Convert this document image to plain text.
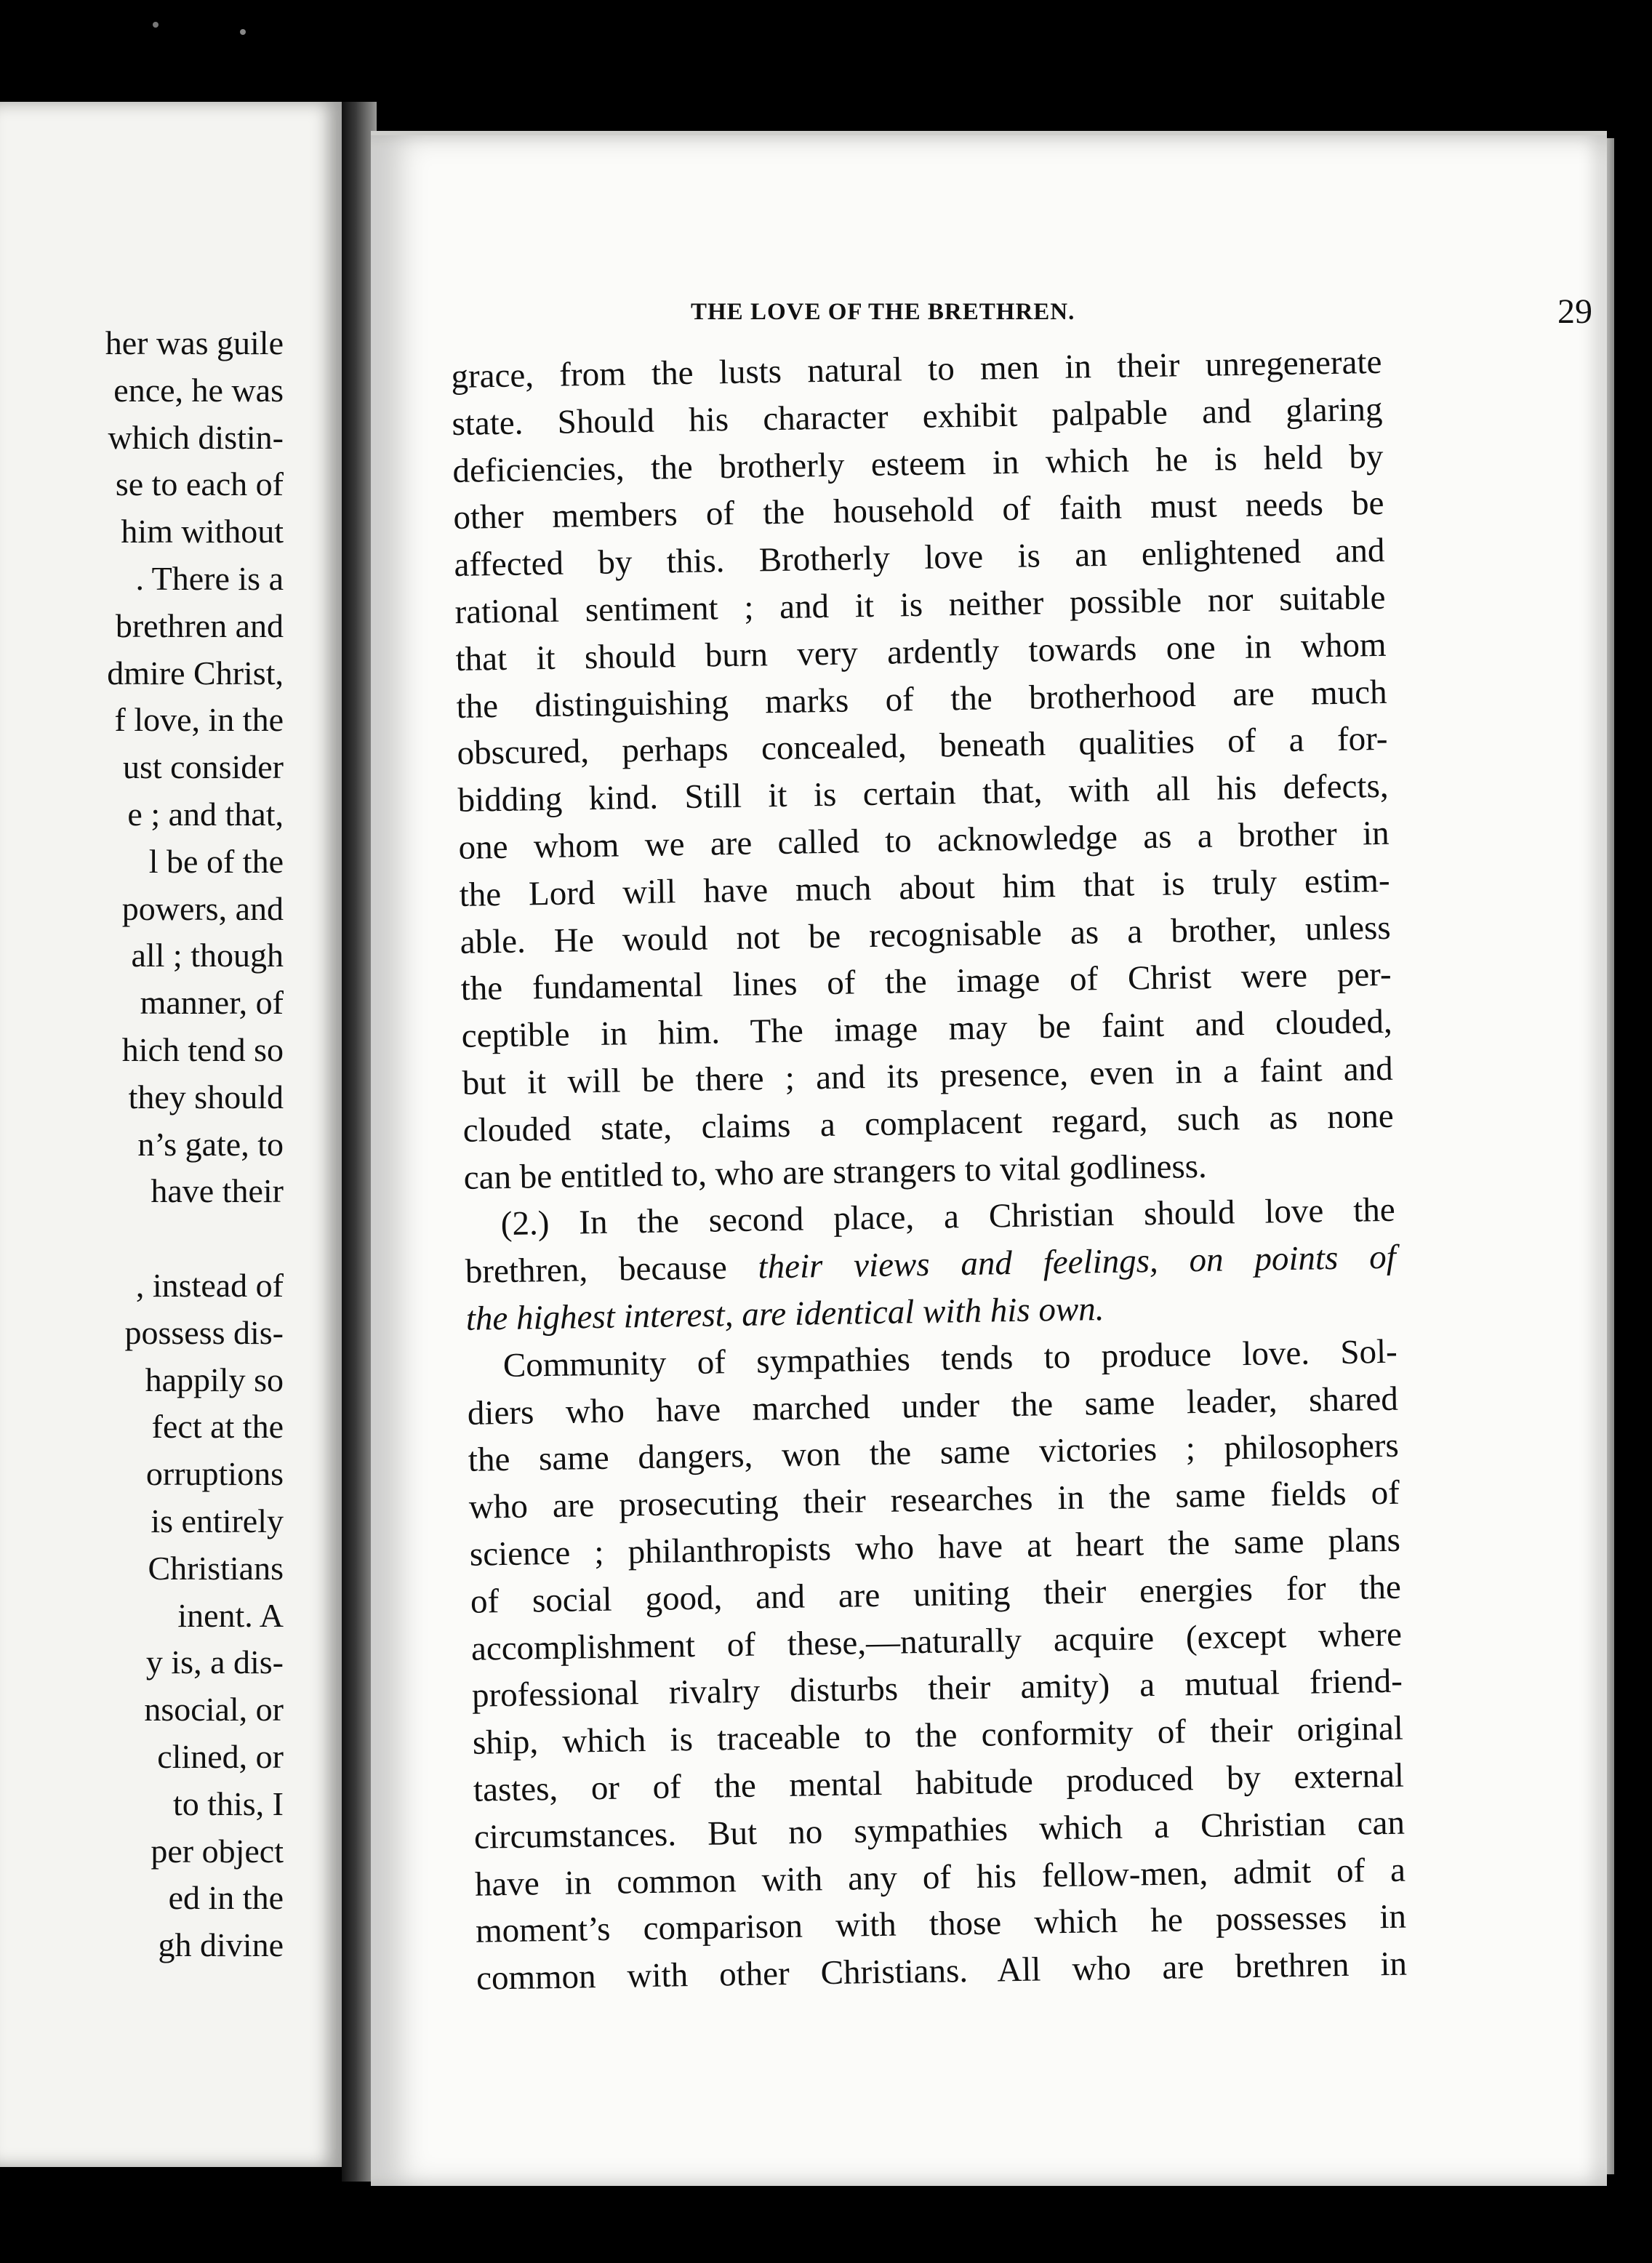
her was guile
ence, he was
which distin-
se to each of
him without
. There is a
brethren and
dmire Christ,
f love, in the
ust consider
e ; and that,
l be of the
powers, and
all ; though
manner, of
hich tend so
they should
n’s gate, to
have their
, instead of
possess dis-
happily so
fect at the
orruptions
is entirely
Christians
inent. A
y is, a dis-
nsocial, or
clined, or
to this, I
per object
ed in the
gh divine
THE LOVE OF THE BRETHREN.	29
grace, from the lusts natural to men in their unregenerate
state. Should his character exhibit palpable and glaring
deficiencies, the brotherly esteem in which he is held by
other members of the household of faith must needs be
affected by this. Brotherly love is an enlightened and
rational sentiment ; and it is neither possible nor suitable
that it should burn very ardently towards one in whom
the distinguishing marks of the brotherhood are much
obscured, perhaps concealed, beneath qualities of a for-
bidding kind. Still it is certain that, with all his defects,
one whom we are called to acknowledge as a brother in
the Lord will have much about him that is truly estim-
able. He would not be recognisable as a brother, unless
the fundamental lines of the image of Christ were per-
ceptible in him. The image may be faint and clouded,
but it will be there ; and its presence, even in a faint and
clouded state, claims a complacent regard, such as none
can be entitled to, who are strangers to vital godliness.
(2.) In the second place, a Christian should love the
brethren, because their views and feelings, on points of
the highest interest, are identical with his own.
Community of sympathies tends to produce love. Sol-
diers who have marched under the same leader, shared
the same dangers, won the same victories ; philosophers
who are prosecuting their researches in the same fields of
science ; philanthropists who have at heart the same plans
of social good, and are uniting their energies for the
accomplishment of these,—naturally acquire (except where
professional rivalry disturbs their amity) a mutual friend-
ship, which is traceable to the conformity of their original
tastes, or of the mental habitude produced by external
circumstances. But no sympathies which a Christian can
have in common with any of his fellow-men, admit of a
moment’s comparison with those which he possesses in
common with other Christians. All who are brethren in
